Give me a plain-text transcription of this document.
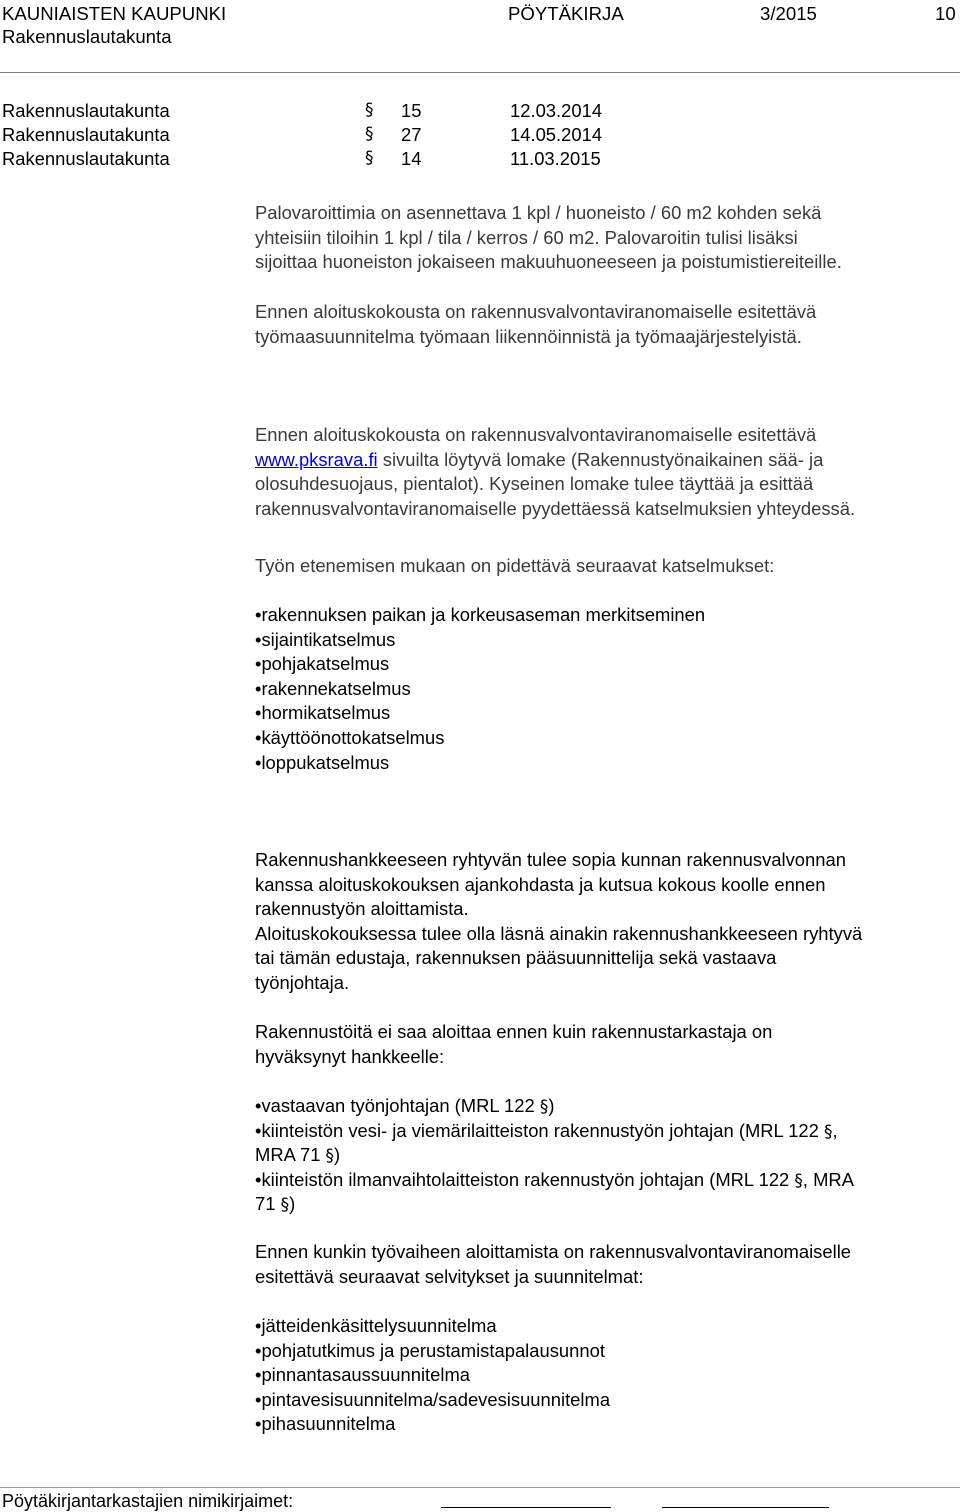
KAUNIAISTEN KAUPUNKI
Rakennuslautakunta
PÖYTÄKIRJA	3/2015	10
Rakennuslautakunta	§ 15	12.03.2014
Rakennuslautakunta	§ 27	14.05.2014
Rakennuslautakunta	§ 14	11.03.2015
Palovaroittimia on asennettava 1 kpl / huoneisto / 60 m2 kohden sekä
yhteisiin tiloihin 1 kpl / tila / kerros / 60 m2. Palovaroitin tulisi lisäksi
sijoittaa huoneiston jokaiseen makuuhuoneeseen ja poistumistiereiteille.
Ennen aloituskokousta on rakennusvalvontaviranomaiselle esitettävä
työmaasuunnitelma työmaan liikennöinnistä ja työmaajärjestelyistä.
Ennen aloituskokousta on rakennusvalvontaviranomaiselle esitettävä
www.pksrava.fi sivuilta löytyvä lomake (Rakennustyönaikainen sää- ja
olosuhdesuojaus, pientalot). Kyseinen lomake tulee täyttää ja esittää
rakennusvalvontaviranomaiselle pyydettäessä katselmuksien yhteydessä.
Työn etenemisen mukaan on pidettävä seuraavat katselmukset:
•rakennuksen paikan ja korkeusaseman merkitseminen
•sijaintikatselmus
•pohjakatselmus
•rakennekatselmus
•hormikatselmus
•käyttöönottokatselmus
•loppukatselmus
Rakennushankkeeseen ryhtyvän tulee sopia kunnan rakennusvalvonnan
kanssa aloituskokouksen ajankohdasta ja kutsua kokous koolle ennen
rakennustyön aloittamista.
Aloituskokouksessa tulee olla läsnä ainakin rakennushankkeeseen ryhtyvä
tai tämän edustaja, rakennuksen pääsuunnittelija sekä vastaava
työnjohtaja.
Rakennustöitä ei saa aloittaa ennen kuin rakennustarkastaja on
hyväksynyt hankkeelle:
•vastaavan työnjohtajan (MRL 122 §)
•kiinteistön vesi- ja viemärilaitteiston rakennustyön johtajan (MRL 122 §,
MRA 71 §)
•kiinteistön ilmanvaihtolaitteiston rakennustyön johtajan (MRL 122 §, MRA
71 §)
Ennen kunkin työvaiheen aloittamista on rakennusvalvontaviranomaiselle
esitettävä seuraavat selvitykset ja suunnitelmat:
•jätteidenkäsittelysuunnitelma
•pohjatutkimus ja perustamistapalausunnot
•pinnantasaussuunnitelma
•pintavesisuunnitelma/sadevesisuunnitelma
•pihasuunnitelma
Pöytäkirjantarkastajien nimikirjaimet:
